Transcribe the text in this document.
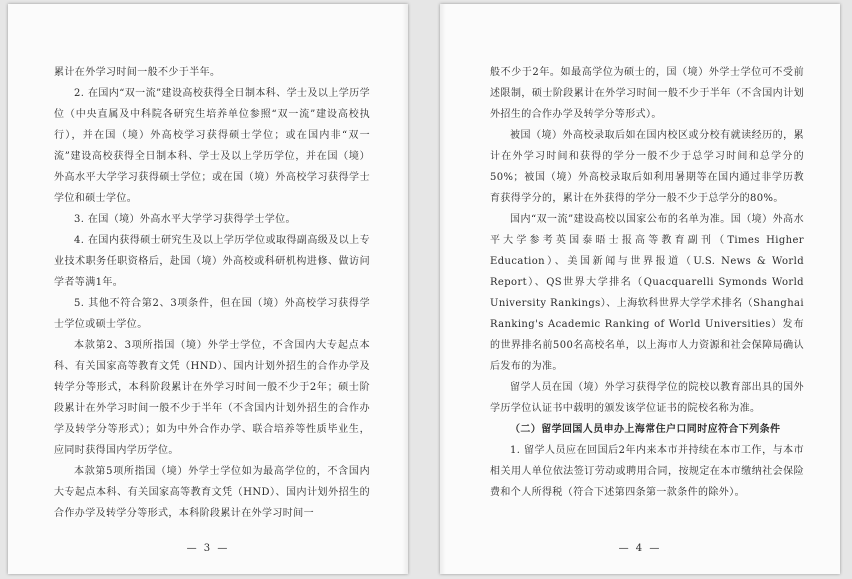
累计在外学习时间一般不少于半年。

2. 在国内“双一流”建设高校获得全日制本科、学士及以上学历学位（中央直属及中科院各研究生培养单位参照“双一流”建设高校执行），并在国（境）外高校学习获得硕士学位；或在国内非“双一流”建设高校获得全日制本科、学士及以上学历学位，并在国（境）外高水平大学学习获得硕士学位；或在国（境）外高校学习获得学士学位和硕士学位。

3. 在国（境）外高水平大学学习获得学士学位。

4. 在国内获得硕士研究生及以上学历学位或取得副高级及以上专业技术职务任职资格后，赴国（境）外高校或科研机构进修、做访问学者等满1年。

5. 其他不符合第2、3项条件，但在国（境）外高校学习获得学士学位或硕士学位。

本款第2、3项所指国（境）外学士学位，不含国内大专起点本科、有关国家高等教育文凭（HND）、国内计划外招生的合作办学及转学分等形式，本科阶段累计在外学习时间一般不少于2年；硕士阶段累计在外学习时间一般不少于半年（不含国内计划外招生的合作办学及转学分等形式）；如为中外合作办学、联合培养等性质毕业生，应同时获得国内学历学位。

本款第5项所指国（境）外学士学位如为最高学位的，不含国内大专起点本科、有关国家高等教育文凭（HND）、国内计划外招生的合作办学及转学分等形式，本科阶段累计在外学习时间一

— 3 —

般不少于2年。如最高学位为硕士的，国（境）外学士学位可不受前述限制，硕士阶段累计在外学习时间一般不少于半年（不含国内计划外招生的合作办学及转学分等形式）。

被国（境）外高校录取后如在国内校区或分校有就读经历的，累计在外学习时间和获得的学分一般不少于总学习时间和总学分的50%；被国（境）外高校录取后如利用暑期等在国内通过非学历教育获得学分的，累计在外获得的学分一般不少于总学分的80%。

国内“双一流”建设高校以国家公布的名单为准。国（境）外高水平大学参考英国泰晤士报高等教育副刊（Times Higher Education）、美国新闻与世界报道（U.S. News & World Report）、QS世界大学排名（Quacquarelli Symonds World University Rankings）、上海软科世界大学学术排名（Shanghai Ranking's Academic Ranking of World Universities）发布的世界排名前500名高校名单，以上海市人力资源和社会保障局确认后发布的为准。

留学人员在国（境）外学习获得学位的院校以教育部出具的国外学历学位认证书中载明的颁发该学位证书的院校名称为准。

（二）留学回国人员申办上海常住户口同时应符合下列条件

1. 留学人员应在回国后2年内来本市并持续在本市工作，与本市相关用人单位依法签订劳动或聘用合同，按规定在本市缴纳社会保险费和个人所得税（符合下述第四条第一款条件的除外）。

— 4 —
